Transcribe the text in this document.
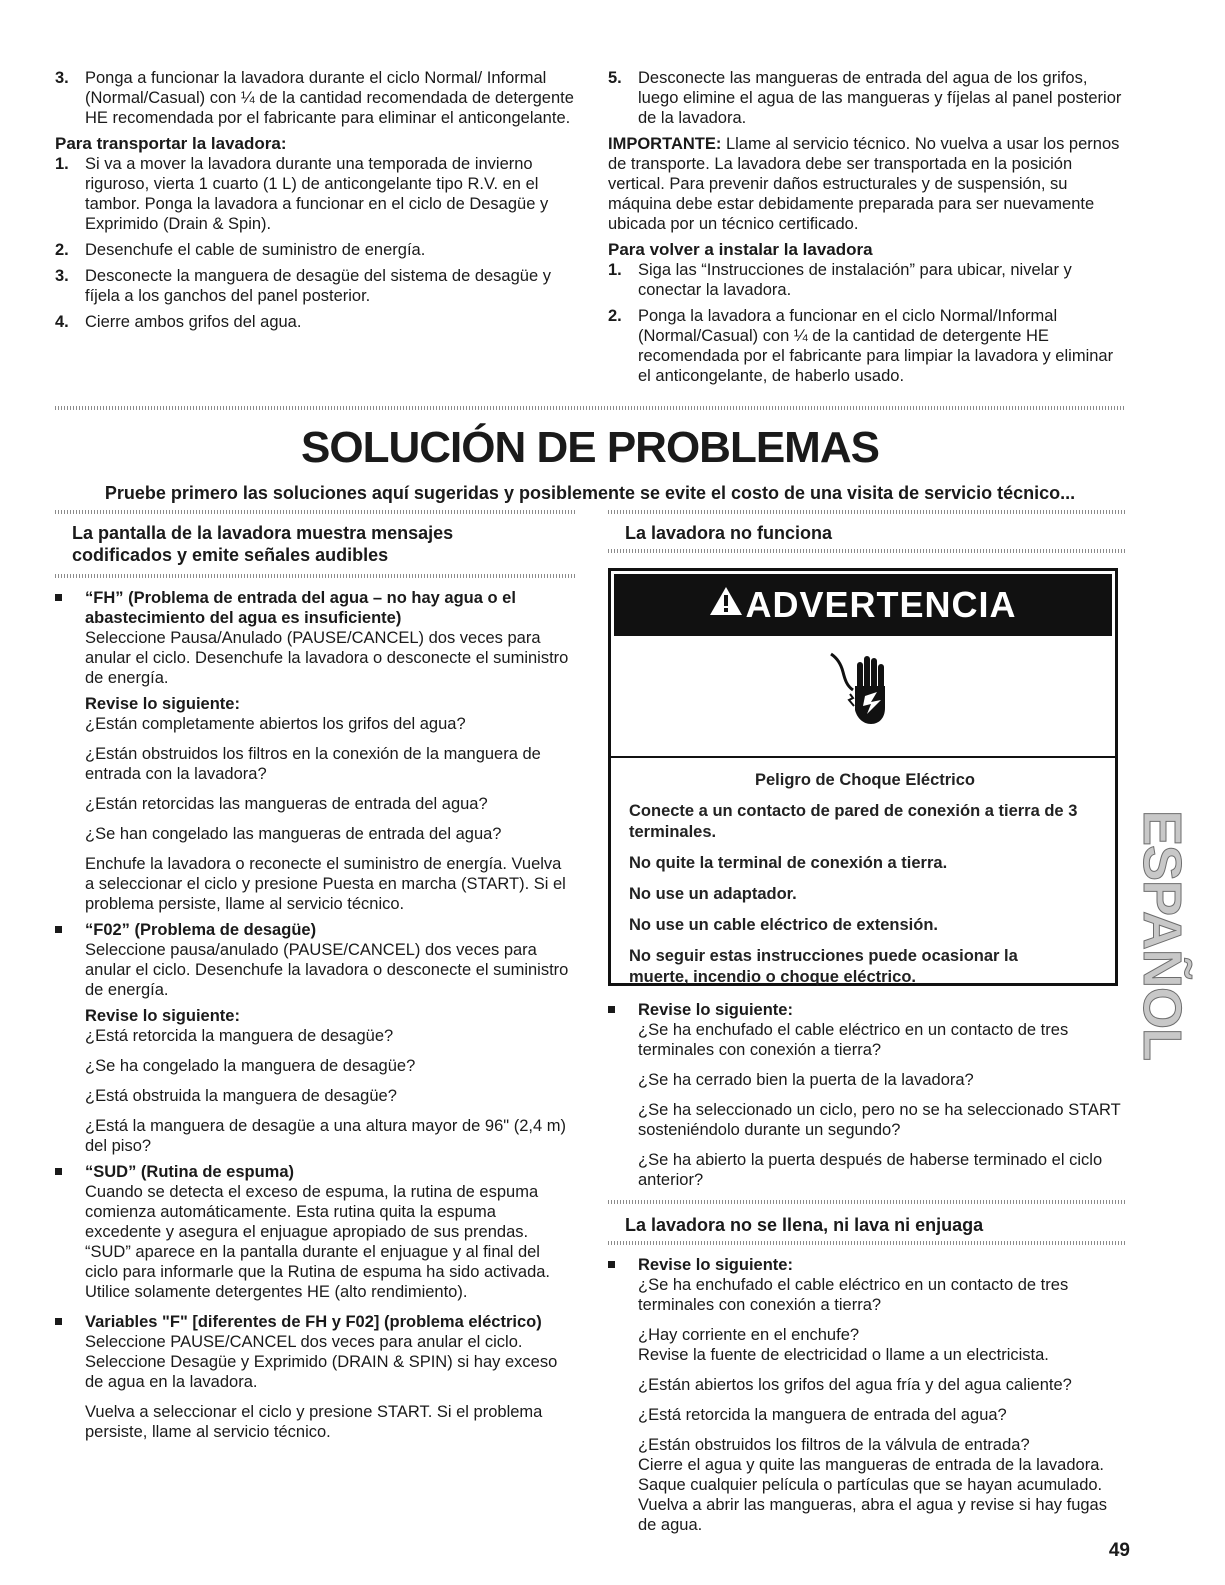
3. Ponga a funcionar la lavadora durante el ciclo Normal/ Informal (Normal/Casual) con ¼ de la cantidad recomendada de detergente HE recomendada por el fabricante para eliminar el anticongelante.
Para transportar la lavadora:
1. Si va a mover la lavadora durante una temporada de invierno riguroso, vierta 1 cuarto (1 L) de anticongelante tipo R.V. en el tambor. Ponga la lavadora a funcionar en el ciclo de Desagüe y Exprimido (Drain & Spin).
2. Desenchufe el cable de suministro de energía.
3. Desconecte la manguera de desagüe del sistema de desagüe y fíjela a los ganchos del panel posterior.
4. Cierre ambos grifos del agua.
5. Desconecte las mangueras de entrada del agua de los grifos, luego elimine el agua de las mangueras y fíjelas al panel posterior de la lavadora.
IMPORTANTE: Llame al servicio técnico. No vuelva a usar los pernos de transporte. La lavadora debe ser transportada en la posición vertical. Para prevenir daños estructurales y de suspensión, su máquina debe estar debidamente preparada para ser nuevamente ubicada por un técnico certificado.
Para volver a instalar la lavadora
1. Siga las “Instrucciones de instalación” para ubicar, nivelar y conectar la lavadora.
2. Ponga la lavadora a funcionar en el ciclo Normal/Informal (Normal/Casual) con ¼ de la cantidad de detergente HE recomendada por el fabricante para limpiar la lavadora y eliminar el anticongelante, de haberlo usado.
SOLUCIÓN DE PROBLEMAS
Pruebe primero las soluciones aquí sugeridas y posiblemente se evite el costo de una visita de servicio técnico...
La pantalla de la lavadora muestra mensajes codificados y emite señales audibles
“FH” (Problema de entrada del agua – no hay agua o el abastecimiento del agua es insuficiente)
Seleccione Pausa/Anulado (PAUSE/CANCEL) dos veces para anular el ciclo. Desenchufe la lavadora o desconecte el suministro de energía.
Revise lo siguiente:
¿Están completamente abiertos los grifos del agua?
¿Están obstruidos los filtros en la conexión de la manguera de entrada con la lavadora?
¿Están retorcidas las mangueras de entrada del agua?
¿Se han congelado las mangueras de entrada del agua?
Enchufe la lavadora o reconecte el suministro de energía. Vuelva a seleccionar el ciclo y presione Puesta en marcha (START). Si el problema persiste, llame al servicio técnico.
“F02” (Problema de desagüe)
Seleccione pausa/anulado (PAUSE/CANCEL) dos veces para anular el ciclo. Desenchufe la lavadora o desconecte el suministro de energía.
Revise lo siguiente:
¿Está retorcida la manguera de desagüe?
¿Se ha congelado la manguera de desagüe?
¿Está obstruida la manguera de desagüe?
¿Está la manguera de desagüe a una altura mayor de 96" (2,4 m) del piso?
“SUD” (Rutina de espuma)
Cuando se detecta el exceso de espuma, la rutina de espuma comienza automáticamente. Esta rutina quita la espuma excedente y asegura el enjuague apropiado de sus prendas. “SUD” aparece en la pantalla durante el enjuague y al final del ciclo para informarle que la Rutina de espuma ha sido activada. Utilice solamente detergentes HE (alto rendimiento).
Variables "F" [diferentes de FH y F02] (problema eléctrico)
Seleccione PAUSE/CANCEL dos veces para anular el ciclo. Seleccione Desagüe y Exprimido (DRAIN & SPIN) si hay exceso de agua en la lavadora.
Vuelva a seleccionar el ciclo y presione START. Si el problema persiste, llame al servicio técnico.
La lavadora no funciona
ADVERTENCIA
Peligro de Choque Eléctrico
Conecte a un contacto de pared de conexión a tierra de 3 terminales.
No quite la terminal de conexión a tierra.
No use un adaptador.
No use un cable eléctrico de extensión.
No seguir estas instrucciones puede ocasionar la muerte, incendio o choque eléctrico.
Revise lo siguiente:
¿Se ha enchufado el cable eléctrico en un contacto de tres terminales con conexión a tierra?
¿Se ha cerrado bien la puerta de la lavadora?
¿Se ha seleccionado un ciclo, pero no se ha seleccionado START sosteniéndolo durante un segundo?
¿Se ha abierto la puerta después de haberse terminado el ciclo anterior?
La lavadora no se llena, ni lava ni enjuaga
Revise lo siguiente:
¿Se ha enchufado el cable eléctrico en un contacto de tres terminales con conexión a tierra?
¿Hay corriente en el enchufe?
Revise la fuente de electricidad o llame a un electricista.
¿Están abiertos los grifos del agua fría y del agua caliente?
¿Está retorcida la manguera de entrada del agua?
¿Están obstruidos los filtros de la válvula de entrada?
Cierre el agua y quite las mangueras de entrada de la lavadora. Saque cualquier película o partículas que se hayan acumulado. Vuelva a abrir las mangueras, abra el agua y revise si hay fugas de agua.
ESPAÑOL
49
